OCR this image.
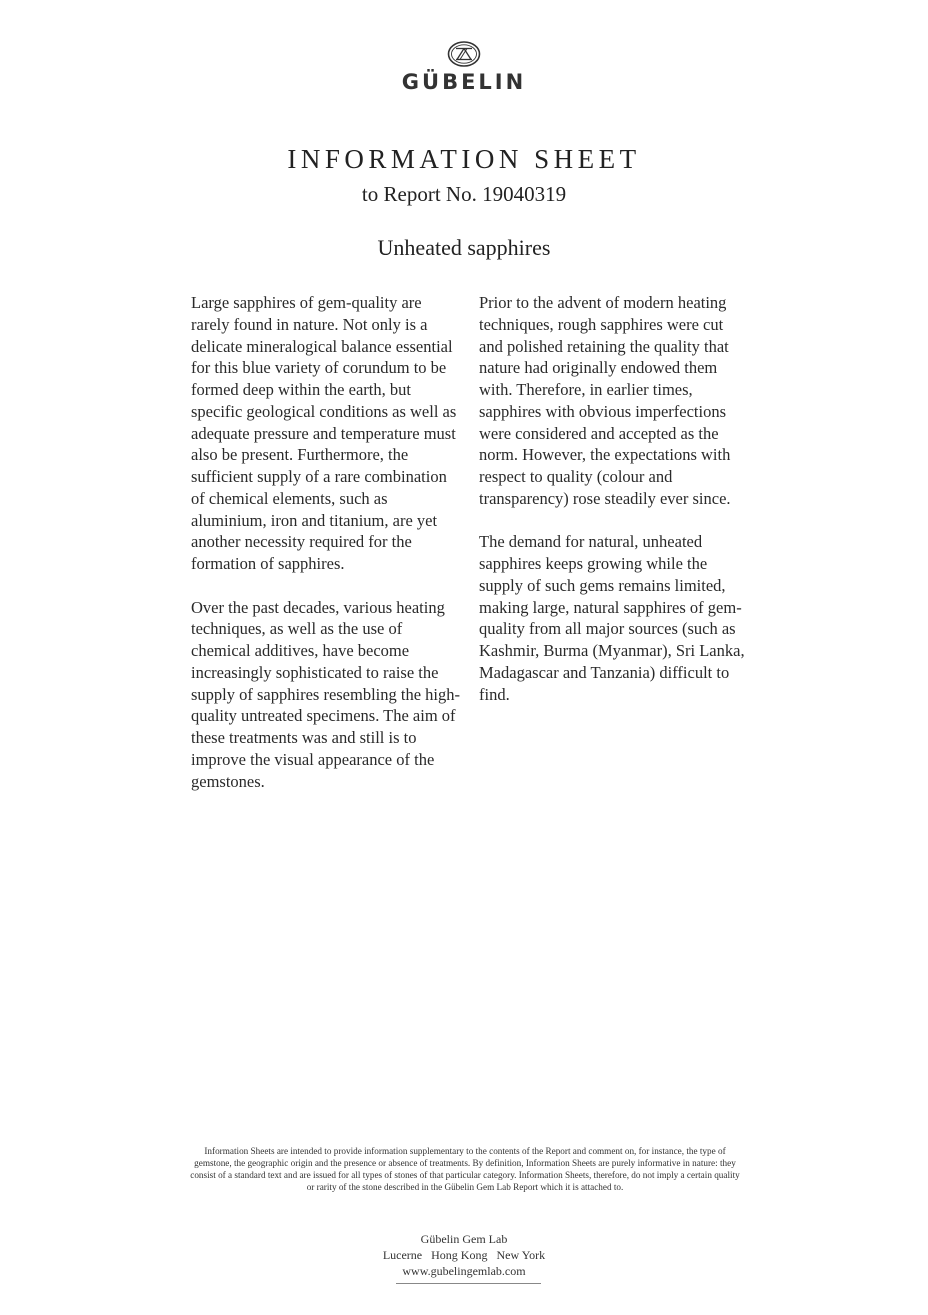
GÜBELIN
INFORMATION SHEET
to Report No. 19040319
Unheated sapphires

Large sapphires of gem-quality are rarely found in nature. Not only is a delicate mineralogical balance essential for this blue variety of corundum to be formed deep within the earth, but specific geological conditions as well as adequate pressure and temperature must also be present. Furthermore, the sufficient supply of a rare combination of chemical elements, such as aluminium, iron and titanium, are yet another necessity required for the formation of sapphires.

Over the past decades, various heating techniques, as well as the use of chemical additives, have become increasingly sophisticated to raise the supply of sapphires resembling the high-quality untreated specimens. The aim of these treatments was and still is to improve the visual appearance of the gemstones.

Prior to the advent of modern heating techniques, rough sapphires were cut and polished retaining the quality that nature had originally endowed them with. Therefore, in earlier times, sapphires with obvious imperfections were considered and accepted as the norm. However, the expectations with respect to quality (colour and transparency) rose steadily ever since.

The demand for natural, unheated sapphires keeps growing while the supply of such gems remains limited, making large, natural sapphires of gem-quality from all major sources (such as Kashmir, Burma (Myanmar), Sri Lanka, Madagascar and Tanzania) difficult to find.

Information Sheets are intended to provide information supplementary to the contents of the Report and comment on, for instance, the type of gemstone, the geographic origin and the presence or absence of treatments. By definition, Information Sheets are purely informative in nature: they consist of a standard text and are issued for all types of stones of that particular category. Information Sheets, therefore, do not imply a certain quality or rarity of the stone described in the Gübelin Gem Lab Report which it is attached to.
Gübelin Gem Lab
Lucerne Hong Kong New York
www.gubelingemlab.com
